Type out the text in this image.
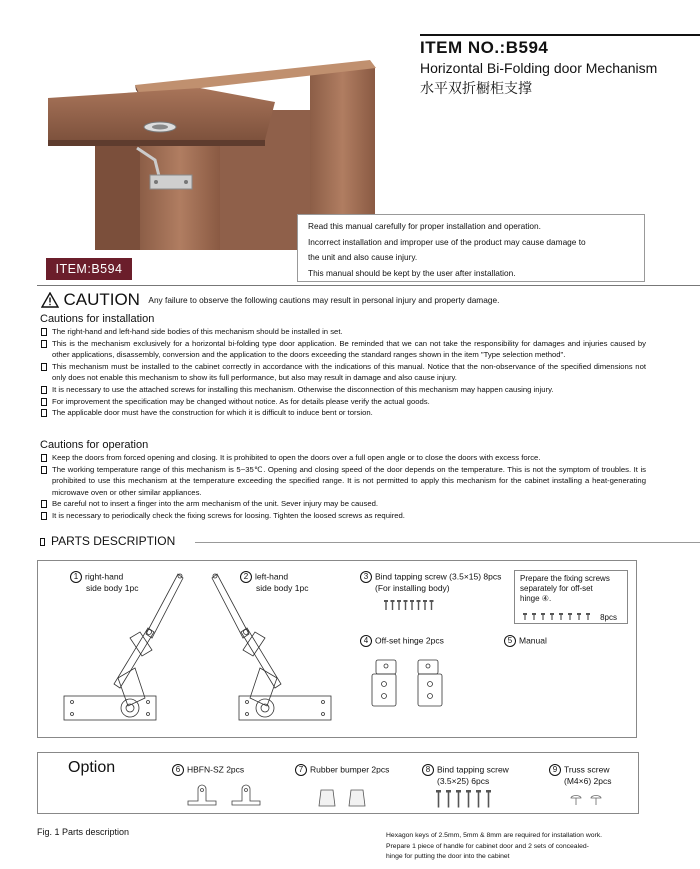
ITEM NO.:B594
Horizontal Bi-Folding door Mechanism
水平双折橱柜支撑
Read this manual carefully for proper installation and operation.
Incorrect installation and improper use of the product may cause damage to
the unit and also cause injury.
This manual should be kept by the user after installation.
ITEM:B594
CAUTION Any failure to observe the following cautions may result in personal injury and property damage.
Cautions for installation
The right-hand and left-hand side bodies of this mechanism should be installed in set.
This is the mechanism exclusively for a horizontal bi-folding type door application. Be reminded that we can not take the responsibility for damages and injuries caused by other applications, disassembly, conversion and the application to the doors exceeding the standard ranges shown in the item "Type selection method".
This mechanism must be installed to the cabinet correctly in accordance with the indications of this manual. Notice that the non-observance of the specified dimensions not only does not enable this mechanism to show its full performance, but also may result in damage and also cause injury.
It is necessary to use the attached screws for installing this mechanism. Otherwise the disconnection of this mechanism may happen causing injury.
For improvement the specification may be changed without notice. As for details please verify the actual goods.
The applicable door must have the construction for which it is difficult to induce bent or torsion.
Cautions for operation
Keep the doors from forced opening and closing. It is prohibited to open the doors over a full open angle or to close the doors with excess force.
The working temperature range of this mechanism is 5~35℃. Opening and closing speed of the door depends on the temperature. This is not the symptom of troubles. It is prohibited to use this mechanism at the temperature exceeding the specified range. It is not permitted to apply this mechanism for the cabinet installing a heat-generating microwave oven or other similar appliances.
Be careful not to insert a finger into the arm mechanism of the unit. Sever injury may be caused.
It is necessary to periodically check the fixing screws for loosing. Tighten the loosed screws as required.
PARTS DESCRIPTION
1 right-hand
side body 1pc
2 left-hand
side body 1pc
3 Bind tapping screw (3.5×15) 8pcs
(For installing body)
Prepare the fixing screws
separately for off-set
hinge ④.
8pcs
4 Off-set hinge 2pcs	5 Manual
Option	6 HBFN-SZ 2pcs	7 Rubber bumper 2pcs	8 Bind tapping screw
(3.5×25) 6pcs
9 Truss screw
(M4×6) 2pcs
Fig. 1 Parts description	Hexagon keys of 2.5mm, 5mm & 8mm are required for installation work.
Prepare 1 piece of handle for cabinet door and 2 sets of concealed-
hinge for putting the door into the cabinet
